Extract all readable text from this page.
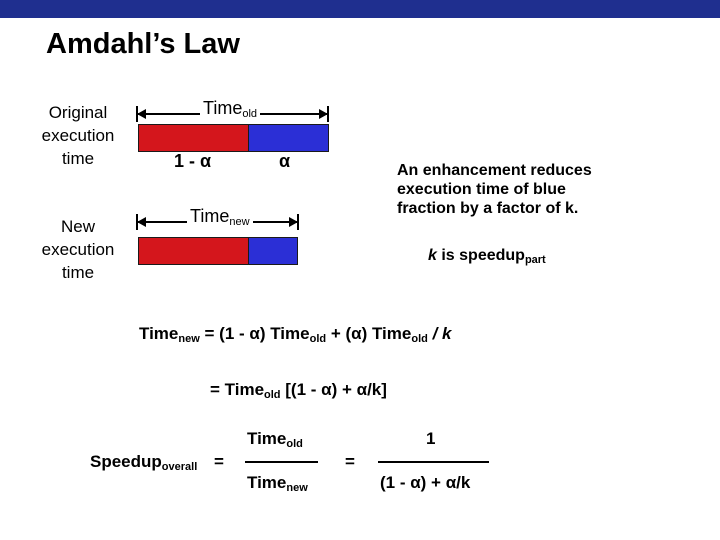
Amdahl’s Law
Original
execution
time
Time$_{old}$
1 - α	α
New
execution
time
Time$_{new}$
An enhancement reduces
execution time of blue
fraction by a factor of k.
k is speedup$_{part}$
Time$_{new}$ = (1 - α) Time$_{old}$ + (α) Time$_{old}$ / k
= Time$_{old}$ [(1 - α) + α/k]
Speedup$_{overall}$ =
Time$_{old}$
Time$_{new}$
=
1
(1 - α) + α/k
